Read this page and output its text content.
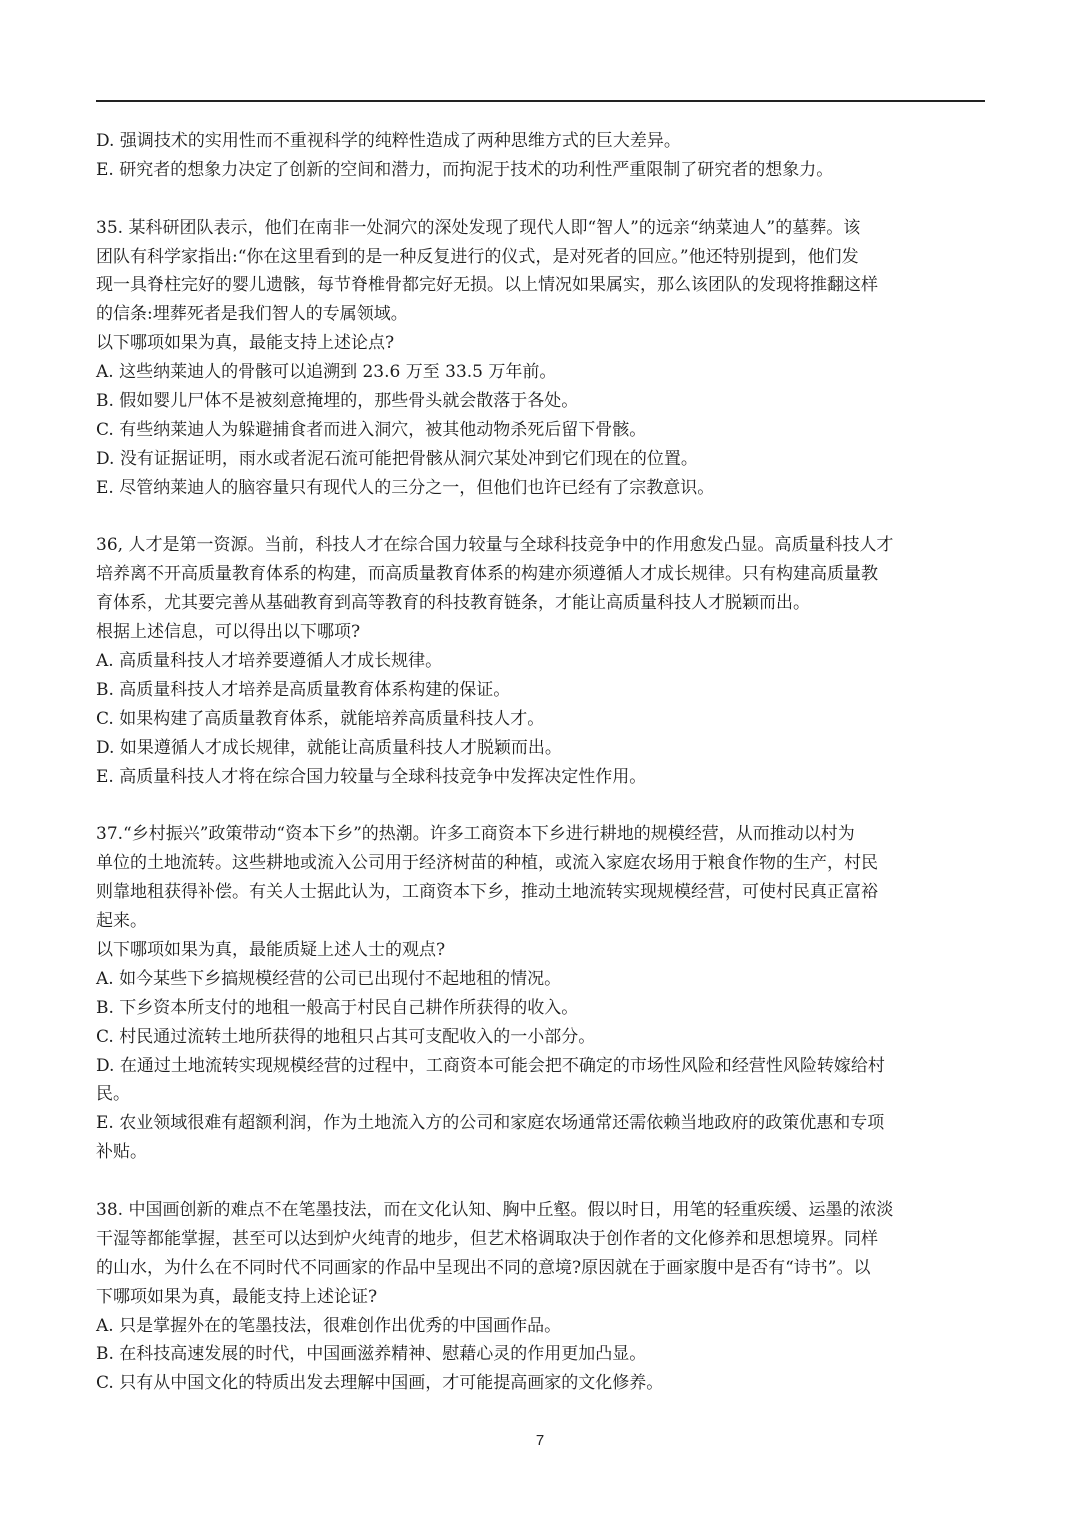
D. 强调技术的实用性而不重视科学的纯粹性造成了两种思维方式的巨大差异。
E. 研究者的想象力决定了创新的空间和潜力，而拘泥于技术的功利性严重限制了研究者的想象力。
35. 某科研团队表示，他们在南非一处洞穴的深处发现了现代人即“智人”的远亲“纳菜迪人”的墓葬。该
团队有科学家指出:“你在这里看到的是一种反复进行的仪式，是对死者的回应。”他还特别提到，他们发
现一具脊柱完好的婴儿遗骸，每节脊椎骨都完好无损。以上情况如果属实，那么该团队的发现将推翻这样
的信条:埋葬死者是我们智人的专属领域。
以下哪项如果为真，最能支持上述论点?
A. 这些纳莱迪人的骨骸可以追溯到 23.6 万至 33.5 万年前。
B. 假如婴儿尸体不是被刻意掩埋的，那些骨头就会散落于各处。
C. 有些纳莱迪人为躲避捕食者而进入洞穴，被其他动物杀死后留下骨骸。
D. 没有证据证明，雨水或者泥石流可能把骨骸从洞穴某处冲到它们现在的位置。
E. 尽管纳莱迪人的脑容量只有现代人的三分之一，但他们也许已经有了宗教意识。
36, 人才是第一资源。当前，科技人才在综合国力较量与全球科技竞争中的作用愈发凸显。高质量科技人才
培养离不开高质量教育体系的构建，而高质量教育体系的构建亦须遵循人才成长规律。只有构建高质量教
育体系，尤其要完善从基础教育到高等教育的科技教育链条，才能让高质量科技人才脱颖而出。
根据上述信息，可以得出以下哪项?
A. 高质量科技人才培养要遵循人才成长规律。
B. 高质量科技人才培养是高质量教育体系构建的保证。
C. 如果构建了高质量教育体系，就能培养高质量科技人才。
D. 如果遵循人才成长规律，就能让高质量科技人才脱颖而出。
E. 高质量科技人才将在综合国力较量与全球科技竞争中发挥决定性作用。
37.“乡村振兴”政策带动“资本下乡”的热潮。许多工商资本下乡进行耕地的规模经营，从而推动以村为
单位的土地流转。这些耕地或流入公司用于经济树苗的种植，或流入家庭农场用于粮食作物的生产，村民
则靠地租获得补偿。有关人士据此认为，工商资本下乡，推动土地流转实现规模经营，可使村民真正富裕
起来。
以下哪项如果为真，最能质疑上述人士的观点?
A. 如今某些下乡搞规模经营的公司已出现付不起地租的情况。
B. 下乡资本所支付的地租一般高于村民自己耕作所获得的收入。
C. 村民通过流转土地所获得的地租只占其可支配收入的一小部分。
D. 在通过土地流转实现规模经营的过程中，工商资本可能会把不确定的市场性风险和经营性风险转嫁给村
民。
E. 农业领域很难有超额利润，作为土地流入方的公司和家庭农场通常还需依赖当地政府的政策优惠和专项
补贴。
38. 中国画创新的难点不在笔墨技法，而在文化认知、胸中丘壑。假以时日，用笔的轻重疾缓、运墨的浓淡
干湿等都能掌握，甚至可以达到炉火纯青的地步，但艺术格调取决于创作者的文化修养和思想境界。同样
的山水，为什么在不同时代不同画家的作品中呈现出不同的意境?原因就在于画家腹中是否有“诗书”。以
下哪项如果为真，最能支持上述论证?
A. 只是掌握外在的笔墨技法，很难创作出优秀的中国画作品。
B. 在科技高速发展的时代，中国画滋养精神、慰藉心灵的作用更加凸显。
C. 只有从中国文化的特质出发去理解中国画，才可能提高画家的文化修养。
7
